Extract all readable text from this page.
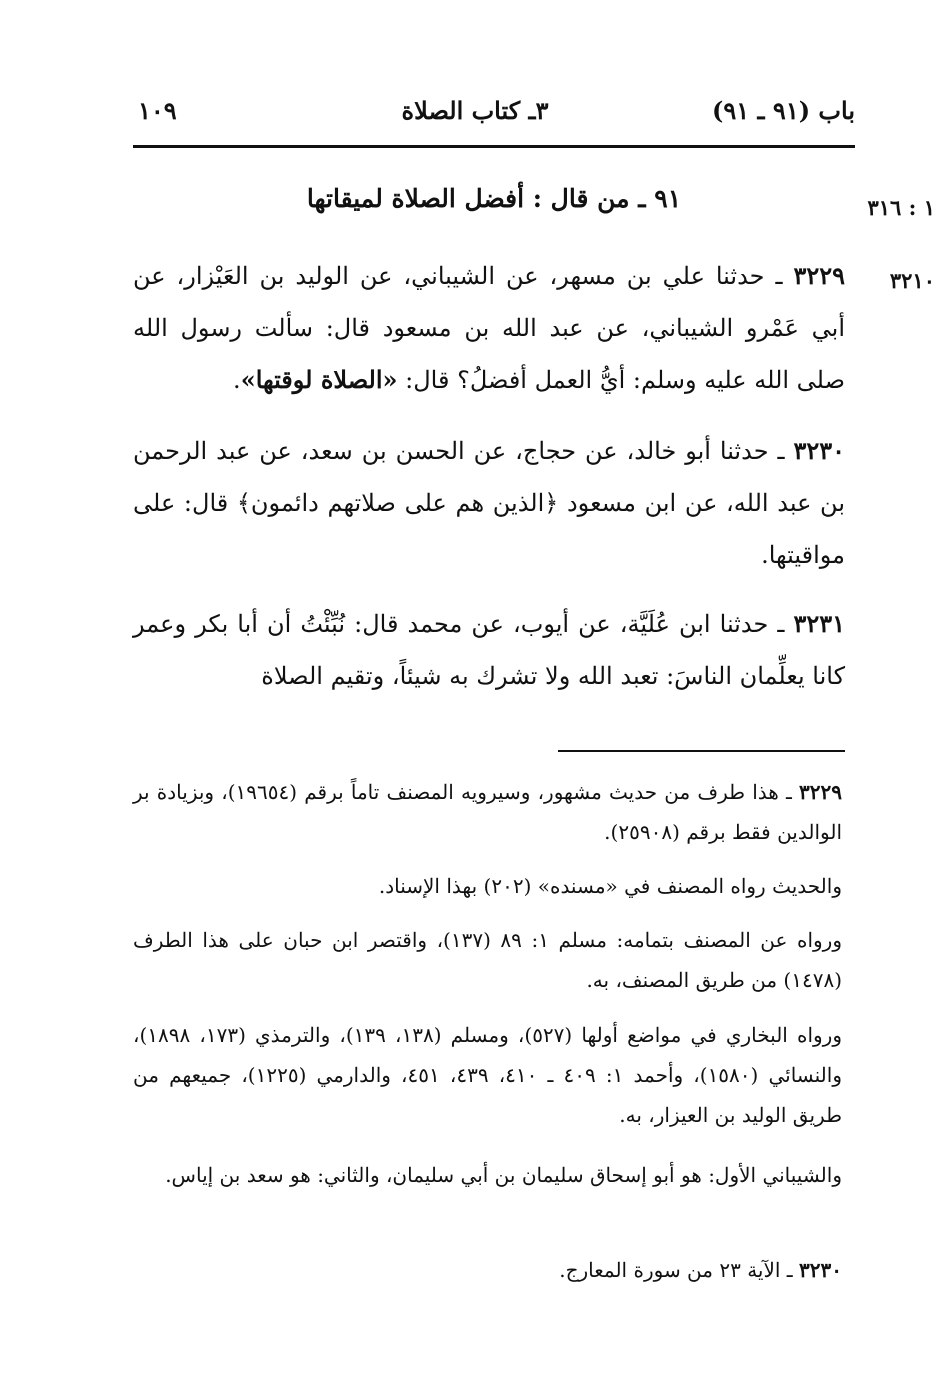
باب (٩١ ـ ٩١)
٣ـ كتاب الصلاة
١٠٩
١ : ٣١٦
٣٢١٠
٩١ ـ من قال : أفضل الصلاة لميقاتها
٣٢٢٩ ـ حدثنا علي بن مسهر، عن الشيباني، عن الوليد بن العَيْزار، عن أبي عَمْرو الشيباني، عن عبد الله بن مسعود قال: سألت رسول الله صلى الله عليه وسلم: أيُّ العمل أفضلُ؟ قال: «الصلاة لوقتها».
٣٢٣٠ ـ حدثنا أبو خالد، عن حجاج، عن الحسن بن سعد، عن عبد الرحمن بن عبد الله، عن ابن مسعود ﴿الذين هم على صلاتهم دائمون﴾ قال: على مواقيتها.
٣٢٣١ ـ حدثنا ابن عُلَيَّة، عن أيوب، عن محمد قال: نُبِّئْتُ أن أبا بكر وعمر كانا يعلِّمان الناسَ: تعبد الله ولا تشرك به شيئاً، وتقيم الصلاة
٣٢٢٩ ـ هذا طرف من حديث مشهور، وسيرويه المصنف تاماً برقم (١٩٦٥٤)، وبزيادة بر الوالدين فقط برقم (٢٥٩٠٨).
والحديث رواه المصنف في «مسنده» (٢٠٢) بهذا الإسناد.
ورواه عن المصنف بتمامه: مسلم ١: ٨٩ (١٣٧)، واقتصر ابن حبان على هذا الطرف (١٤٧٨) من طريق المصنف، به.
ورواه البخاري في مواضع أولها (٥٢٧)، ومسلم (١٣٨، ١٣٩)، والترمذي (١٧٣، ١٨٩٨)، والنسائي (١٥٨٠)، وأحمد ١: ٤٠٩ ـ ٤١٠، ٤٣٩، ٤٥١، والدارمي (١٢٢٥)، جميعهم من طريق الوليد بن العيزار، به.
والشيباني الأول: هو أبو إسحاق سليمان بن أبي سليمان، والثاني: هو سعد بن إياس.
٣٢٣٠ ـ الآية ٢٣ من سورة المعارج.
